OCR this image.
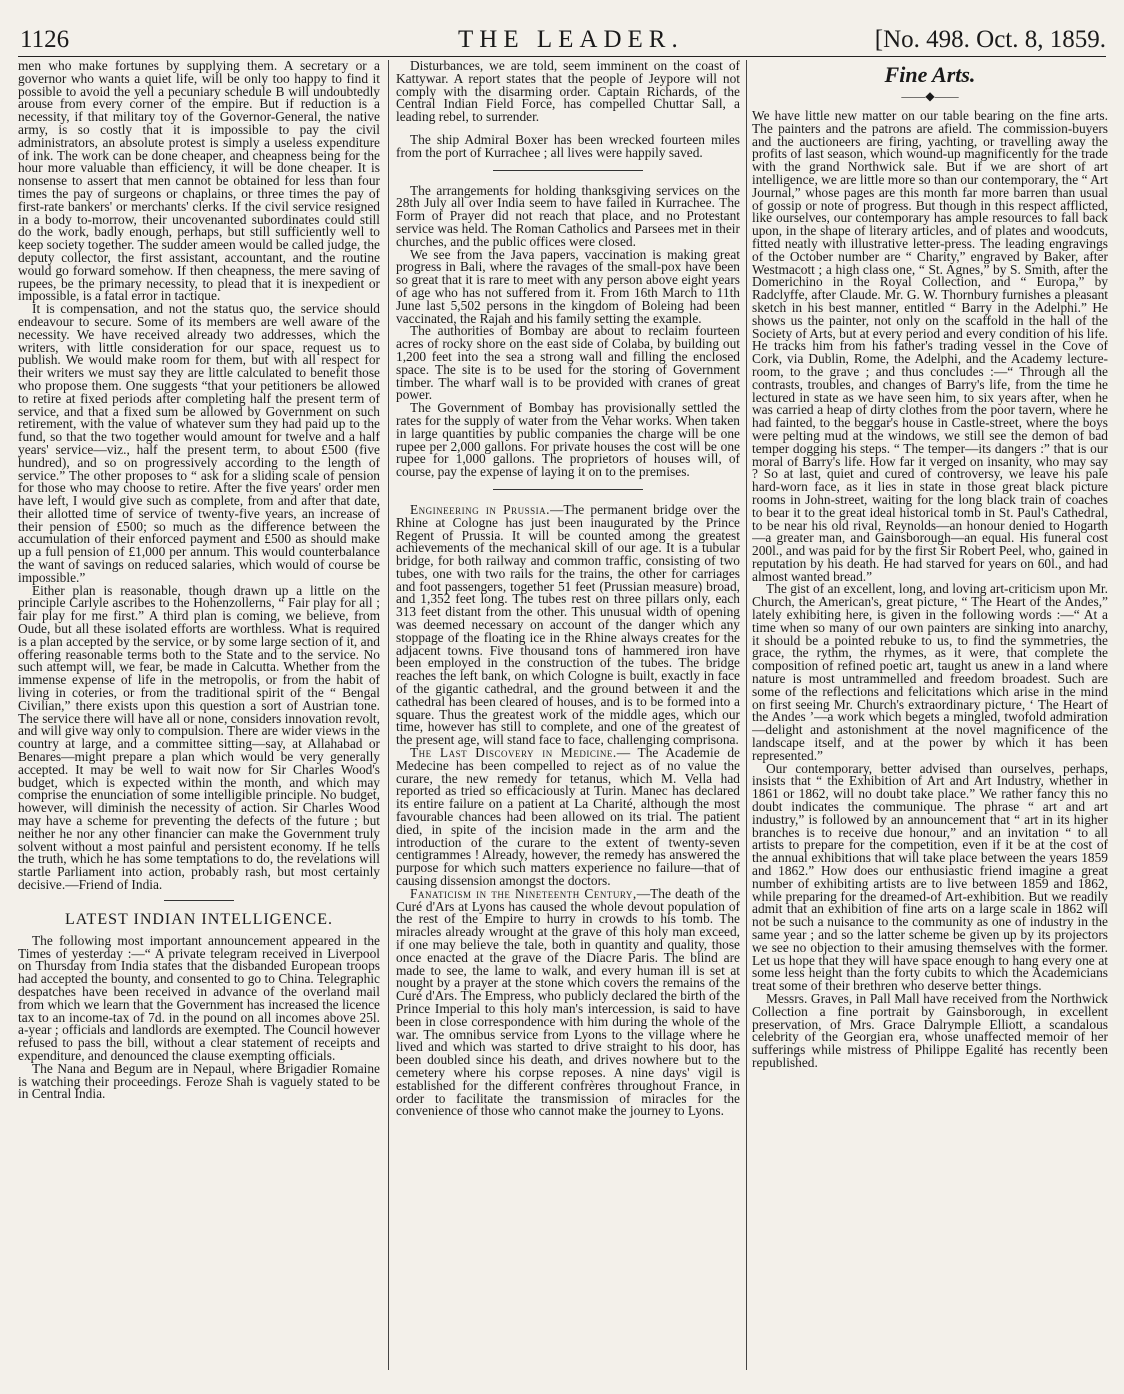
1126	THE LEADER.	[No. 498. Oct. 8, 1859.

men who make fortunes by supplying them. A secretary or a governor who wants a quiet life, will be only too happy to find it possible to avoid the yell a pecuniary schedule B will undoubtedly arouse from every corner of the empire. But if reduction is a necessity, if that military toy of the Governor-General, the native army, is so costly that it is impossible to pay the civil administrators, an absolute protest is simply a useless expenditure of ink. The work can be done cheaper, and cheapness being for the hour more valuable than efficiency, it will be done cheaper. It is nonsense to assert that men cannot be obtained for less than four times the pay of surgeons or chaplains, or three times the pay of first-rate bankers' or merchants' clerks. If the civil service resigned in a body to-morrow, their uncovenanted subordinates could still do the work, badly enough, perhaps, but still sufficiently well to keep society together. The sudder ameen would be called judge, the deputy collector, the first assistant, accountant, and the routine would go forward somehow. If then cheapness, the mere saving of rupees, be the primary necessity, to plead that it is inexpedient or impossible, is a fatal error in tactique.

It is compensation, and not the status quo, the service should endeavour to secure. Some of its members are well aware of the necessity. We have received already two addresses, which the writers, with little consideration for our space, request us to publish. We would make room for them, but with all respect for their writers we must say they are little calculated to benefit those who propose them. One suggests “that your petitioners be allowed to retire at fixed periods after completing half the present term of service, and that a fixed sum be allowed by Government on such retirement, with the value of whatever sum they had paid up to the fund, so that the two together would amount for twelve and a half years' service—viz., half the present term, to about £500 (five hundred), and so on progressively according to the length of service.” The other proposes to “ ask for a sliding scale of pension for those who may choose to retire. After the five years' order men have left, I would give such as complete, from and after that date, their allotted time of service of twenty-five years, an increase of their pension of £500; so much as the difference between the accumulation of their enforced payment and £500 as should make up a full pension of £1,000 per annum. This would counterbalance the want of savings on reduced salaries, which would of course be impossible.”

Either plan is reasonable, though drawn up a little on the principle Carlyle ascribes to the Hohenzollerns, “ Fair play for all ; fair play for me first.” A third plan is coming, we believe, from Oude, but all these isolated efforts are worthless. What is required is a plan accepted by the service, or by some large section of it, and offering reasonable terms both to the State and to the service. No such attempt will, we fear, be made in Calcutta. Whether from the immense expense of life in the metropolis, or from the habit of living in coteries, or from the traditional spirit of the “ Bengal Civilian,” there exists upon this question a sort of Austrian tone. The service there will have all or none, considers innovation revolt, and will give way only to compulsion. There are wider views in the country at large, and a committee sitting—say, at Allahabad or Benares—might prepare a plan which would be very generally accepted. It may be well to wait now for Sir Charles Wood's budget, which is expected within the month, and which may comprise the enunciation of some intelligible principle. No budget, however, will diminish the necessity of action. Sir Charles Wood may have a scheme for preventing the defects of the future ; but neither he nor any other financier can make the Government truly solvent without a most painful and persistent economy. If he tells the truth, which he has some temptations to do, the revelations will startle Parliament into action, probably rash, but most certainly decisive.—Friend of India.

LATEST INDIAN INTELLIGENCE.

The following most important announcement appeared in the Times of yesterday :—“ A private telegram received in Liverpool on Thursday from India states that the disbanded European troops had accepted the bounty, and consented to go to China. Telegraphic despatches have been received in advance of the overland mail from which we learn that the Government has increased the licence tax to an income-tax of 7d. in the pound on all incomes above 25l. a-year ; officials and landlords are exempted. The Council however refused to pass the bill, without a clear statement of receipts and expenditure, and denounced the clause exempting officials.

The Nana and Begum are in Nepaul, where Brigadier Romaine is watching their proceedings. Feroze Shah is vaguely stated to be in Central India.

Disturbances, we are told, seem imminent on the coast of Kattywar. A report states that the people of Jeypore will not comply with the disarming order. Captain Richards, of the Central Indian Field Force, has compelled Chuttar Sall, a leading rebel, to surrender.

The ship Admiral Boxer has been wrecked fourteen miles from the port of Kurrachee ; all lives were happily saved.

The arrangements for holding thanksgiving services on the 28th July all over India seem to have failed in Kurrachee. The Form of Prayer did not reach that place, and no Protestant service was held. The Roman Catholics and Parsees met in their churches, and the public offices were closed.

We see from the Java papers, vaccination is making great progress in Bali, where the ravages of the small-pox have been so great that it is rare to meet with any person above eight years of age who has not suffered from it. From 16th March to 11th June last 5,502 persons in the kingdom of Boleing had been vaccinated, the Rajah and his family setting the example.

The authorities of Bombay are about to reclaim fourteen acres of rocky shore on the east side of Colaba, by building out 1,200 feet into the sea a strong wall and filling the enclosed space. The site is to be used for the storing of Government timber. The wharf wall is to be provided with cranes of great power.

The Government of Bombay has provisionally settled the rates for the supply of water from the Vehar works. When taken in large quantities by public companies the charge will be one rupee per 2,000 gallons. For private houses the cost will be one rupee for 1,000 gallons. The proprietors of houses will, of course, pay the expense of laying it on to the premises.

Engineering in Prussia.—The permanent bridge over the Rhine at Cologne has just been inaugurated by the Prince Regent of Prussia. It will be counted among the greatest achievements of the mechanical skill of our age. It is a tubular bridge, for both railway and common traffic, consisting of two tubes, one with two rails for the trains, the other for carriages and foot passengers, together 51 feet (Prussian measure) broad, and 1,352 feet long. The tubes rest on three pillars only, each 313 feet distant from the other. This unusual width of opening was deemed necessary on account of the danger which any stoppage of the floating ice in the Rhine always creates for the adjacent towns. Five thousand tons of hammered iron have been employed in the construction of the tubes. The bridge reaches the left bank, on which Cologne is built, exactly in face of the gigantic cathedral, and the ground between it and the cathedral has been cleared of houses, and is to be formed into a square. Thus the greatest work of the middle ages, which our time, however has still to complete, and one of the greatest of the present age, will stand face to face, challenging comprisona.

The Last Discovery in Medicine.— The Academie de Medecine has been compelled to reject as of no value the curare, the new remedy for tetanus, which M. Vella had reported as tried so efficaciously at Turin. Manec has declared its entire failure on a patient at La Charité, although the most favourable chances had been allowed on its trial. The patient died, in spite of the incision made in the arm and the introduction of the curare to the extent of twenty-seven centigrammes ! Already, however, the remedy has answered the purpose for which such matters experience no failure—that of causing dissension amongst the doctors.

Fanaticism in the Nineteenth Century,—The death of the Curé d'Ars at Lyons has caused the whole devout population of the rest of the Empire to hurry in crowds to his tomb. The miracles already wrought at the grave of this holy man exceed, if one may believe the tale, both in quantity and quality, those once enacted at the grave of the Diacre Paris. The blind are made to see, the lame to walk, and every human ill is set at nought by a prayer at the stone which covers the remains of the Curé d'Ars. The Empress, who publicly declared the birth of the Prince Imperial to this holy man's intercession, is said to have been in close correspondence with him during the whole of the war. The omnibus service from Lyons to the village where he lived and which was started to drive straight to his door, has been doubled since his death, and drives nowhere but to the cemetery where his corpse reposes. A nine days' vigil is established for the different confrères throughout France, in order to facilitate the transmission of miracles for the convenience of those who cannot make the journey to Lyons.

Fine Arts.
——◆——

We have little new matter on our table bearing on the fine arts. The painters and the patrons are afield. The commission-buyers and the auctioneers are firing, yachting, or travelling away the profits of last season, which wound-up magnificently for the trade with the grand Northwick sale. But if we are short of art intelligence, we are little more so than our contemporary, the “ Art Journal,” whose pages are this month far more barren than usual of gossip or note of progress. But though in this respect afflicted, like ourselves, our contemporary has ample resources to fall back upon, in the shape of literary articles, and of plates and woodcuts, fitted neatly with illustrative letter-press. The leading engravings of the October number are “ Charity,” engraved by Baker, after Westmacott ; a high class one, “ St. Agnes,” by S. Smith, after the Domerichino in the Royal Collection, and “ Europa,” by Radclyffe, after Claude. Mr. G. W. Thornbury furnishes a pleasant sketch in his best manner, entitled “ Barry in the Adelphi.” He shows us the painter, not only on the scaffold in the hall of the Society of Arts, but at every period and every condition of his life. He tracks him from his father's trading vessel in the Cove of Cork, via Dublin, Rome, the Adelphi, and the Academy lecture-room, to the grave ; and thus concludes :—“ Through all the contrasts, troubles, and changes of Barry's life, from the time he lectured in state as we have seen him, to six years after, when he was carried a heap of dirty clothes from the poor tavern, where he had fainted, to the beggar's house in Castle-street, where the boys were pelting mud at the windows, we still see the demon of bad temper dogging his steps. “ The temper—its dangers :” that is our moral of Barry's life. How far it verged on insanity, who may say ? So at last, quiet and cured of controversy, we leave his pale hard-worn face, as it lies in state in those great black picture rooms in John-street, waiting for the long black train of coaches to bear it to the great ideal historical tomb in St. Paul's Cathedral, to be near his old rival, Reynolds—an honour denied to Hogarth—a greater man, and Gainsborough—an equal. His funeral cost 200l., and was paid for by the first Sir Robert Peel, who, gained in reputation by his death. He had starved for years on 60l., and had almost wanted bread.”

The gist of an excellent, long, and loving art-criticism upon Mr. Church, the American's, great picture, “ The Heart of the Andes,” lately exhibiting here, is given in the following words :—“ At a time when so many of our own painters are sinking into anarchy, it should be a pointed rebuke to us, to find the symmetries, the grace, the rythm, the rhymes, as it were, that complete the composition of refined poetic art, taught us anew in a land where nature is most untrammelled and freedom broadest. Such are some of the reflections and felicitations which arise in the mind on first seeing Mr. Church's extraordinary picture, ‘ The Heart of the Andes ’—a work which begets a mingled, twofold admiration —delight and astonishment at the novel magnificence of the landscape itself, and at the power by which it has been represented.”

Our contemporary, better advised than ourselves, perhaps, insists that “ the Exhibition of Art and Art Industry, whether in 1861 or 1862, will no doubt take place.” We rather fancy this no doubt indicates the communique. The phrase “ art and art industry,” is followed by an announcement that “ art in its higher branches is to receive due honour,” and an invitation “ to all artists to prepare for the competition, even if it be at the cost of the annual exhibitions that will take place between the years 1859 and 1862.” How does our enthusiastic friend imagine a great number of exhibiting artists are to live between 1859 and 1862, while preparing for the dreamed-of Art-exhibition. But we readily admit that an exhibition of fine arts on a large scale in 1862 will not be such a nuisance to the community as one of industry in the same year ; and so the latter scheme be given up by its projectors we see no objection to their amusing themselves with the former. Let us hope that they will have space enough to hang every one at some less height than the forty cubits to which the Academicians treat some of their brethren who deserve better things.

Messrs. Graves, in Pall Mall have received from the Northwick Collection a fine portrait by Gainsborough, in excellent preservation, of Mrs. Grace Dalrymple Elliott, a scandalous celebrity of the Georgian era, whose unaffected memoir of her sufferings while mistress of Philippe Egalité has recently been republished.
